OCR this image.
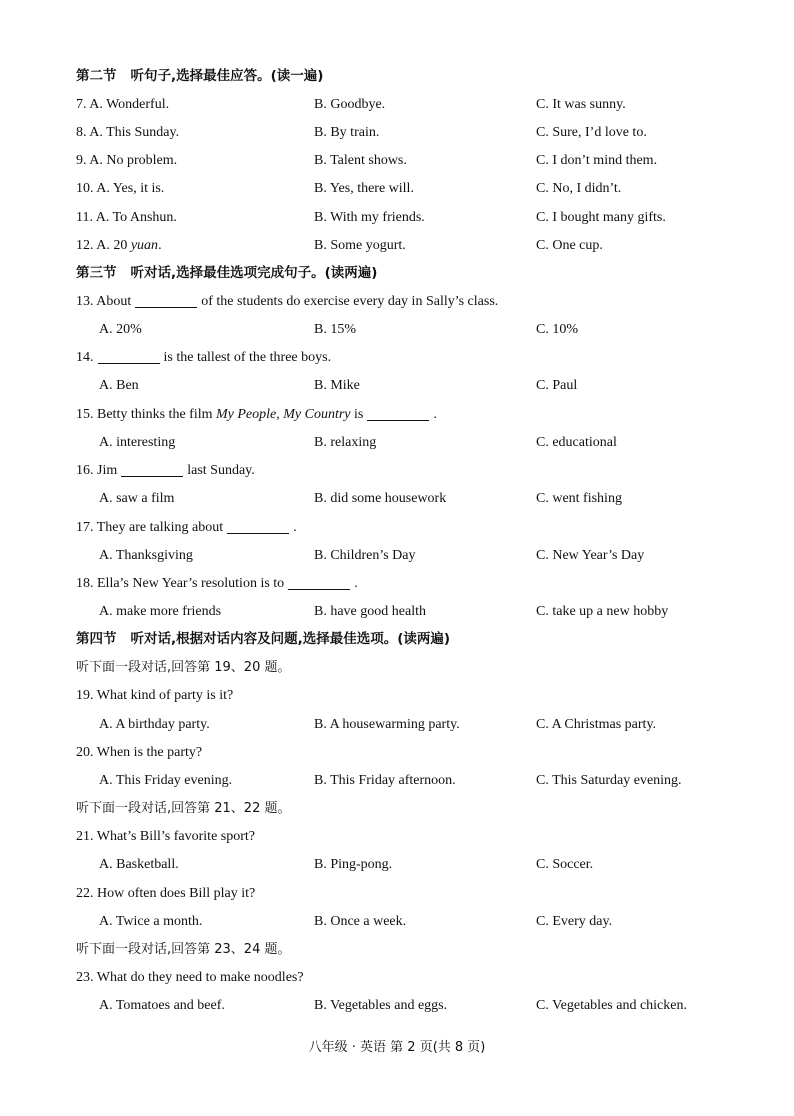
第二节 听句子,选择最佳应答。(读一遍)
7. A. Wonderful.	B. Goodbye.	C. It was sunny.
8. A. This Sunday.	B. By train.	C. Sure, I’d love to.
9. A. No problem.	B. Talent shows.	C. I don’t mind them.
10. A. Yes, it is.	B. Yes, there will.	C. No, I didn’t.
11. A. To Anshun.	B. With my friends.	C. I bought many gifts.
12. A. 20 yuan.	B. Some yogurt.	C. One cup.
第三节 听对话,选择最佳选项完成句子。(读两遍)
13. About	of the students do exercise every day in Sally’s class.
A. 20%	B. 15%	C. 10%
14.	is the tallest of the three boys.
A. Ben	B. Mike	C. Paul
15. Betty thinks the film My People, My Country is	.
A. interesting	B. relaxing	C. educational
16. Jim	last Sunday.
A. saw a film	B. did some housework	C. went fishing
17. They are talking about	.
A. Thanksgiving	B. Children’s Day	C. New Year’s Day
18. Ella’s New Year’s resolution is to	.
A. make more friends	B. have good health	C. take up a new hobby
第四节 听对话,根据对话内容及问题,选择最佳选项。(读两遍)
听下面一段对话,回答第 19、20 题。
19. What kind of party is it?
A. A birthday party.	B. A housewarming party.	C. A Christmas party.
20. When is the party?
A. This Friday evening.	B. This Friday afternoon.	C. This Saturday evening.
听下面一段对话,回答第 21、22 题。
21. What’s Bill’s favorite sport?
A. Basketball.	B. Ping-pong.	C. Soccer.
22. How often does Bill play it?
A. Twice a month.	B. Once a week.	C. Every day.
听下面一段对话,回答第 23、24 题。
23. What do they need to make noodles?
A. Tomatoes and beef.	B. Vegetables and eggs.	C. Vegetables and chicken.
八年级 · 英语 第 2 页(共 8 页)
